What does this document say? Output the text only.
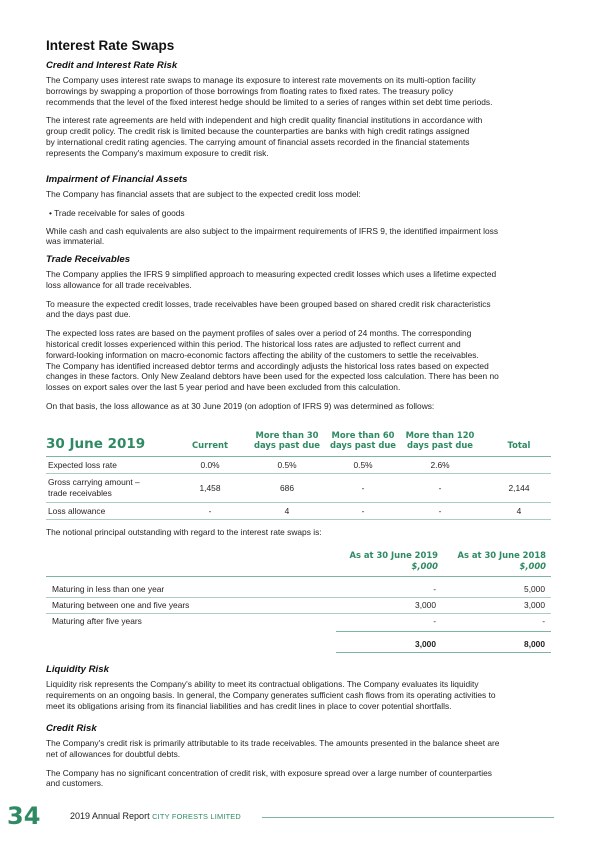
Interest Rate Swaps

Credit and Interest Rate Risk

The Company uses interest rate swaps to manage its exposure to interest rate movements on its multi-option facility
borrowings by swapping a proportion of those borrowings from floating rates to fixed rates. The treasury policy
recommends that the level of the fixed interest hedge should be limited to a series of ranges within set debt time periods.

The interest rate agreements are held with independent and high credit quality financial institutions in accordance with
group credit policy. The credit risk is limited because the counterparties are banks with high credit ratings assigned
by international credit rating agencies. The carrying amount of financial assets recorded in the financial statements
represents the Company's maximum exposure to credit risk.

Impairment of Financial Assets

The Company has financial assets that are subject to the expected credit loss model:

• Trade receivable for sales of goods

While cash and cash equivalents are also subject to the impairment requirements of IFRS 9, the identified impairment loss
was immaterial.

Trade Receivables

The Company applies the IFRS 9 simplified approach to measuring expected credit losses which uses a lifetime expected
loss allowance for all trade receivables.

To measure the expected credit losses, trade receivables have been grouped based on shared credit risk characteristics
and the days past due.

The expected loss rates are based on the payment profiles of sales over a period of 24 months. The corresponding
historical credit losses experienced within this period. The historical loss rates are adjusted to reflect current and
forward-looking information on macro-economic factors affecting the ability of the customers to settle the receivables.
The Company has identified increased debtor terms and accordingly adjusts the historical loss rates based on expected
changes in these factors. Only New Zealand debtors have been used for the expected loss calculation. There has been no
losses on export sales over the last 5 year period and have been excluded from this calculation.

On that basis, the loss allowance as at 30 June 2019 (on adoption of IFRS 9) was determined as follows:

30 June 2019	Current
More than 30
days past due
More than 60
days past due
More than 120
days past due	Total
Expected loss rate	0.0%	0.5%	0.5%	2.6%
Gross carrying amount –
trade receivables	1,458	686	-	-	2,144
Loss allowance	-	4	-	-	4

The notional principal outstanding with regard to the interest rate swaps is:

As at 30 June 2019
$,000
As at 30 June 2018
$,000
Maturing in less than one year	-	5,000
Maturing between one and five years	3,000	3,000
Maturing after five years	-	-
3,000	8,000

Liquidity Risk

Liquidity risk represents the Company's ability to meet its contractual obligations. The Company evaluates its liquidity
requirements on an ongoing basis. In general, the Company generates sufficient cash flows from its operating activities to
meet its obligations arising from its financial liabilities and has credit lines in place to cover potential shortfalls.

Credit Risk

The Company's credit risk is primarily attributable to its trade receivables. The amounts presented in the balance sheet are
net of allowances for doubtful debts.

The Company has no significant concentration of credit risk, with exposure spread over a large number of counterparties
and customers.

34	2019 Annual Report CITY FORESTS LIMITED
